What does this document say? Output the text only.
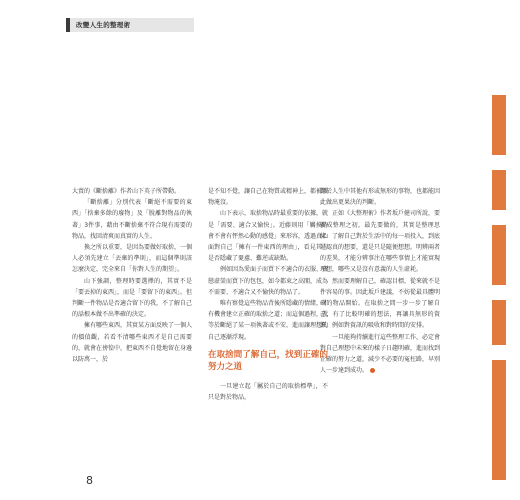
改變人生的整理術

大賣的《斷捨離》作者山下英子所帶動。

「斷捨離」分別代表「斷絕不需要的東西」「捨棄多餘的廢物」及「脫離對物品的執著」3件事，藉由不斷捨棄不符合現有需要的物品，找回清爽而真實的人生。

換之所以重要，是因為要做好取捨，一個人必須先建立「丟棄的準則」，而這個準則該怎麼決定，完全來自「你對人生的期望」。

山下強調，整理時要選擇的，其實不是「要丟掉的東西」，而是「要留下的東西」。但判斷一件物品是否適合留下的我，不了解自己的話根本做不出準確的決定。

擁有哪些東西，其實某方面反映了一個人的價值觀，若看不清哪些東西才是自己需要的，就會在徬徨中，把東西不自覺地留在身邊以防萬一，於

是不知不覺，讓自己在物質或精神上，都被雜物淹沒。

山下表示，取捨物品時最重要的依據，就是「需要、適合又愉快」。近藤則用「觸摸時會不會有怦然心動的感覺」來形容，透過真心面對自己「擁有一件東西的理由」，看見其中是否隱藏了憂慮、難逆或缺點。

例如因為愛面子而買下不適合的衣服、貪戀虛榮而買下的包包，如今都束之高閣，成為不需要、不適合又不愉快的物品了。

唯有察覺這些物品背後所隱藏的情緒，才有機會建立正確的取捨之道；而這個過程，就等於斷絕了某一項執著或不安，進而讓理想的自己逐漸浮現。

在取捨間了解自己，找到正確的努力之道

一旦建立起「屬於自己的取捨標準」，不只是對於物品，

對於人生中其他有形或無形的事物，也都能因此做出更果決的判斷。

正如《大整理術》作者坂戶健司所說，要養成整理之初，最先要做的，其實是整理思緒：了解自己對於生活中的每一項投入，到底是認真的想要，還是只是隨便想想。明辨兩者的差異，才能分辨事注在哪些事情上才能實現理想，哪些又是沒有意義的人生虛耗。

然而要理解自己，確認目標，從來就不是件容易的事。因此坂戶建議，不妨從最具體明確的物品開始。在取捨之間一步一步了解自己，有了比較明確的想法，再讓具無形的資源，例如對資訊的吸收和對時間的安排。

一旦能夠持續進行這些整理工作，必定會對自己理想中未來的樣子日趨明確，進而找到正確的努力之道，減少不必要的冤枉路，早別人一步達到成功。

8
